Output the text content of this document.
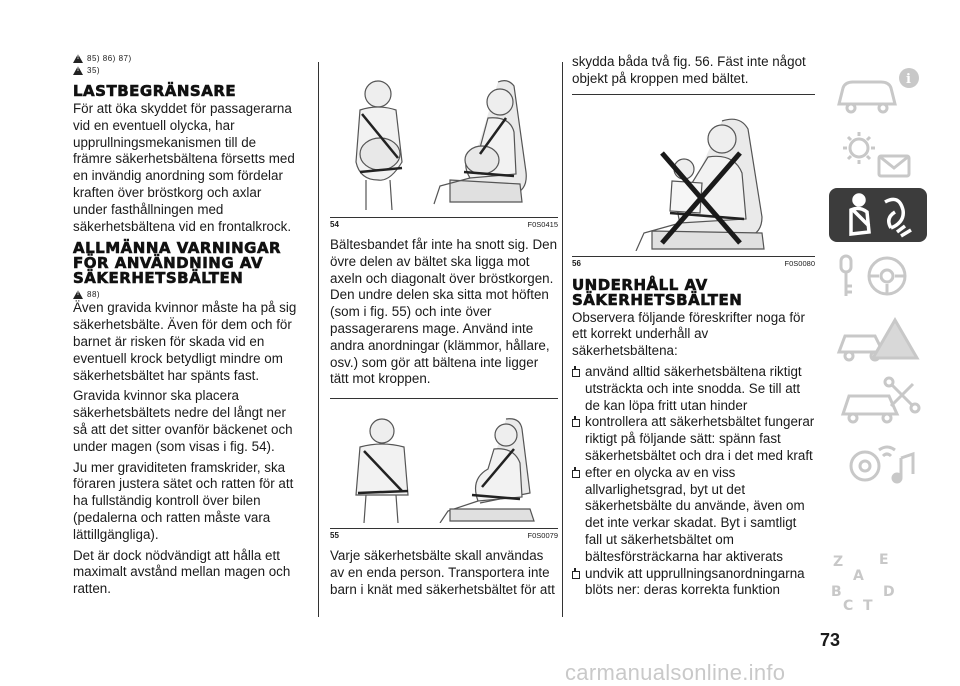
!
85) 86) 87)
!
35)
LASTBEGRÄNSARE

För att öka skyddet för passagerarna vid en eventuell olycka, har upprullningsmekanismen till de främre säkerhetsbältena försetts med en invändig anordning som fördelar kraften över bröstkorg och axlar under fasthållningen med säkerhetsbältena vid en frontalkrock.

ALLMÄNNA VARNINGAR FÖR ANVÄNDNING AV SÄKERHETSBÄLTEN
!
88)

Även gravida kvinnor måste ha på sig säkerhetsbälte. Även för dem och för barnet är risken för skada vid en eventuell krock betydligt mindre om säkerhetsbältet har spänts fast.

Gravida kvinnor ska placera säkerhetsbältets nedre del långt ner så att det sitter ovanför bäckenet och under magen (som visas i fig. 54).

Ju mer graviditeten framskrider, ska föraren justera sätet och ratten för att ha fullständig kontroll över bilen (pedalerna och ratten måste vara lättillgängliga).

Det är dock nödvändigt att hålla ett maximalt avstånd mellan magen och ratten.

54	F0S0415

Bältesbandet får inte ha snott sig. Den övre delen av bältet ska ligga mot axeln och diagonalt över bröstkorgen. Den undre delen ska sitta mot höften (som i fig. 55) och inte över passagerarens mage. Använd inte andra anordningar (klämmor, hållare, osv.) som gör att bältena inte ligger tätt mot kroppen.

55	F0S0079

Varje säkerhetsbälte skall användas av en enda person. Transportera inte barn i knät med säkerhetsbältet för att

skydda båda två fig. 56. Fäst inte något objekt på kroppen med bältet.

56	F0S0080
UNDERHÅLL AV SÄKERHETSBÄLTEN

Observera följande föreskrifter noga för ett korrekt underhåll av säkerhetsbältena:

använd alltid säkerhetsbältena riktigt utsträckta och inte snodda. Se till att de kan löpa fritt utan hinder

kontrollera att säkerhetsbältet fungerar riktigt på följande sätt: spänn fast säkerhetsbältet och dra i det med kraft

efter en olycka av en viss allvarlighetsgrad, byt ut det säkerhetsbälte du använde, även om det inte verkar skadat. Byt i samtligt fall ut säkerhetsbältet om bältesförsträckarna har aktiverats

undvik att upprullningsanordningarna blöts ner: deras korrekta funktion

i
Z	E
A
B	D
C T
73
carmanualsonline.info
